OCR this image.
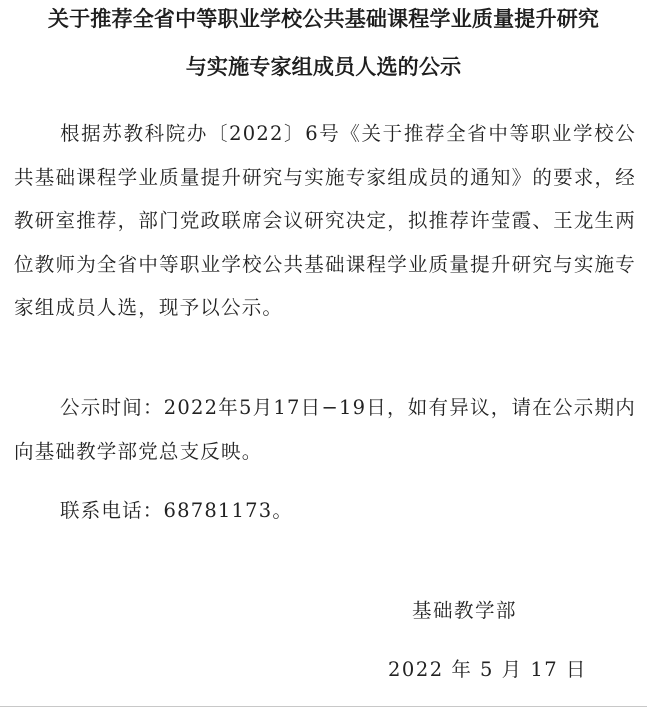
关于推荐全省中等职业学校公共基础课程学业质量提升研究
与实施专家组成员人选的公示

根据苏教科院办〔2022〕6号《关于推荐全省中等职业学校公共基础课程学业质量提升研究与实施专家组成员的通知》的要求，经教研室推荐，部门党政联席会议研究决定，拟推荐许莹霞、王龙生两位教师为全省中等职业学校公共基础课程学业质量提升研究与实施专家组成员人选，现予以公示。

公示时间：2022年5月17日−19日，如有异议，请在公示期内向基础教学部党总支反映。

联系电话：68781173。

基础教学部
2022 年 5 月 17 日
